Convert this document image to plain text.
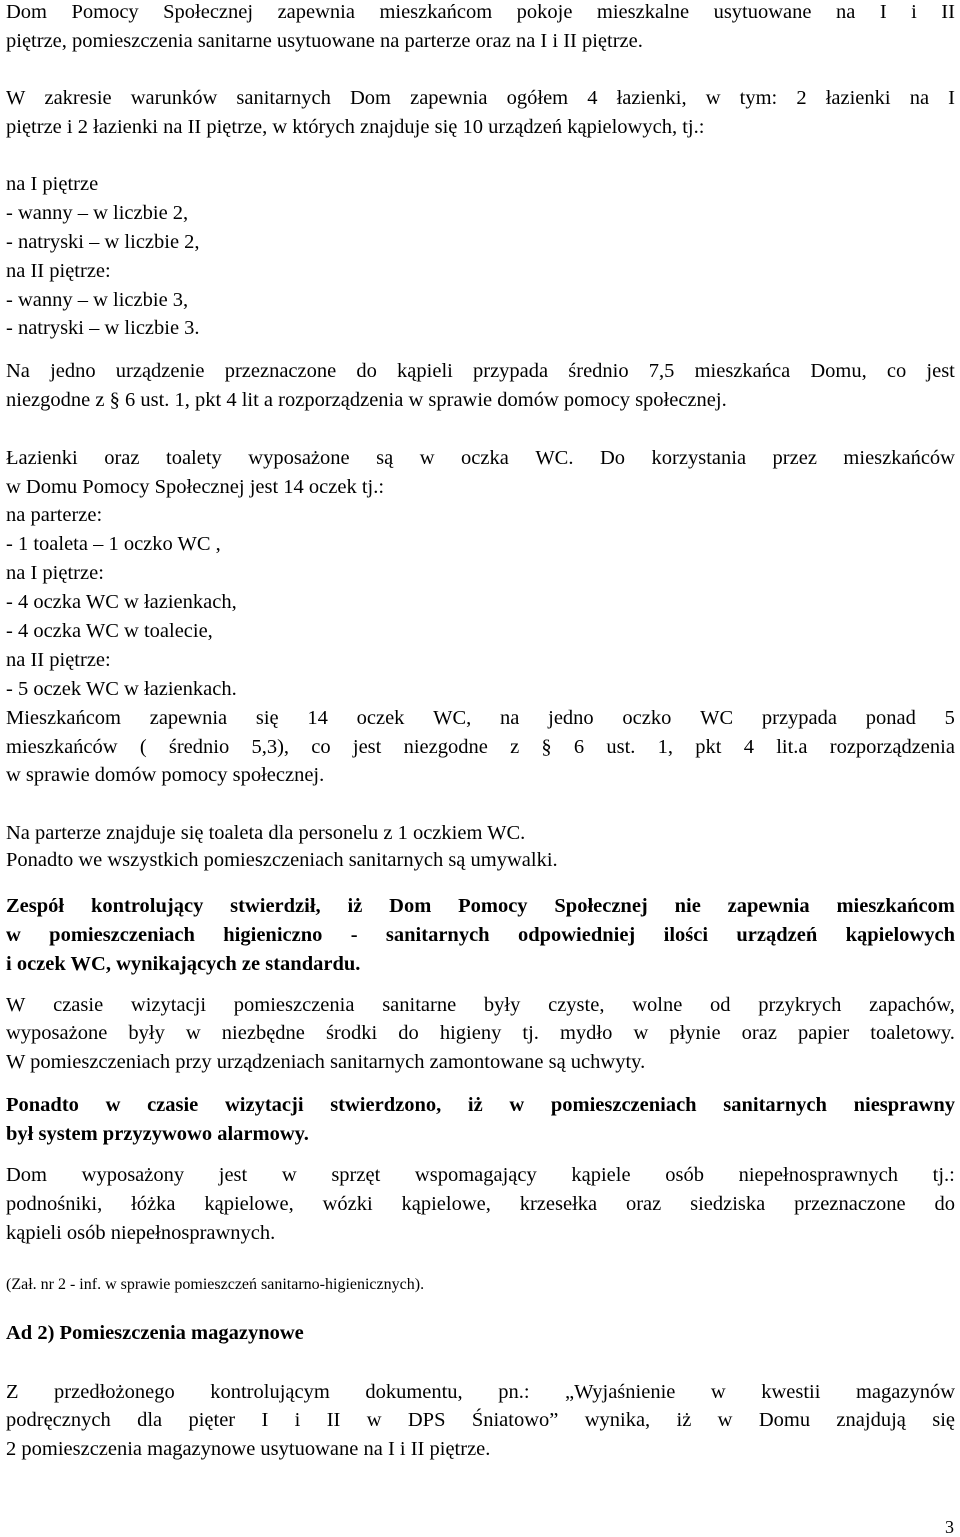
Dom Pomocy Społecznej zapewnia mieszkańcom pokoje mieszkalne usytuowane na I i II
piętrze, pomieszczenia sanitarne usytuowane na parterze oraz na I i II piętrze.
W zakresie warunków sanitarnych Dom zapewnia ogółem 4 łazienki, w tym: 2 łazienki na I
piętrze i 2 łazienki na II piętrze, w których znajduje się 10 urządzeń kąpielowych, tj.:
na I piętrze
- wanny – w liczbie 2,
- natryski – w liczbie 2,
na II piętrze:
- wanny – w liczbie 3,
- natryski – w liczbie 3.
Na jedno urządzenie przeznaczone do kąpieli przypada średnio 7,5 mieszkańca Domu, co jest
niezgodne z § 6 ust. 1, pkt 4 lit a rozporządzenia w sprawie domów pomocy społecznej.
Łazienki oraz toalety wyposażone są w oczka WC. Do korzystania przez mieszkańców
w Domu Pomocy Społecznej jest 14 oczek tj.:
na parterze:
- 1 toaleta – 1 oczko WC ,
na I piętrze:
- 4 oczka WC w łazienkach,
- 4 oczka WC w toalecie,
na II piętrze:
- 5 oczek WC w łazienkach.
Mieszkańcom zapewnia się 14 oczek WC, na jedno oczko WC przypada ponad 5
mieszkańców ( średnio 5,3), co jest niezgodne z § 6 ust. 1, pkt 4 lit.a rozporządzenia
w sprawie domów pomocy społecznej.
Na parterze znajduje się toaleta dla personelu z 1 oczkiem WC.
Ponadto we wszystkich pomieszczeniach sanitarnych są umywalki.
Zespół kontrolujący stwierdził, iż Dom Pomocy Społecznej nie zapewnia mieszkańcom
w pomieszczeniach higieniczno - sanitarnych odpowiedniej ilości urządzeń kąpielowych
i oczek WC, wynikających ze standardu.
W czasie wizytacji pomieszczenia sanitarne były czyste, wolne od przykrych zapachów,
wyposażone były w niezbędne środki do higieny tj. mydło w płynie oraz papier toaletowy.
W pomieszczeniach przy urządzeniach sanitarnych zamontowane są uchwyty.
Ponadto w czasie wizytacji stwierdzono, iż w pomieszczeniach sanitarnych niesprawny
był system przyzywowo alarmowy.
Dom wyposażony jest w sprzęt wspomagający kąpiele osób niepełnosprawnych tj.:
podnośniki, łóżka kąpielowe, wózki kąpielowe, krzesełka oraz siedziska przeznaczone do
kąpieli osób niepełnosprawnych.
(Zał. nr 2 - inf. w sprawie pomieszczeń sanitarno-higienicznych).
Ad 2) Pomieszczenia magazynowe
Z przedłożonego kontrolującym dokumentu, pn.: „Wyjaśnienie w kwestii magazynów
podręcznych dla pięter I i II w DPS Śniatowo” wynika, iż w Domu znajdują się
2 pomieszczenia magazynowe usytuowane na I i II piętrze.
3
